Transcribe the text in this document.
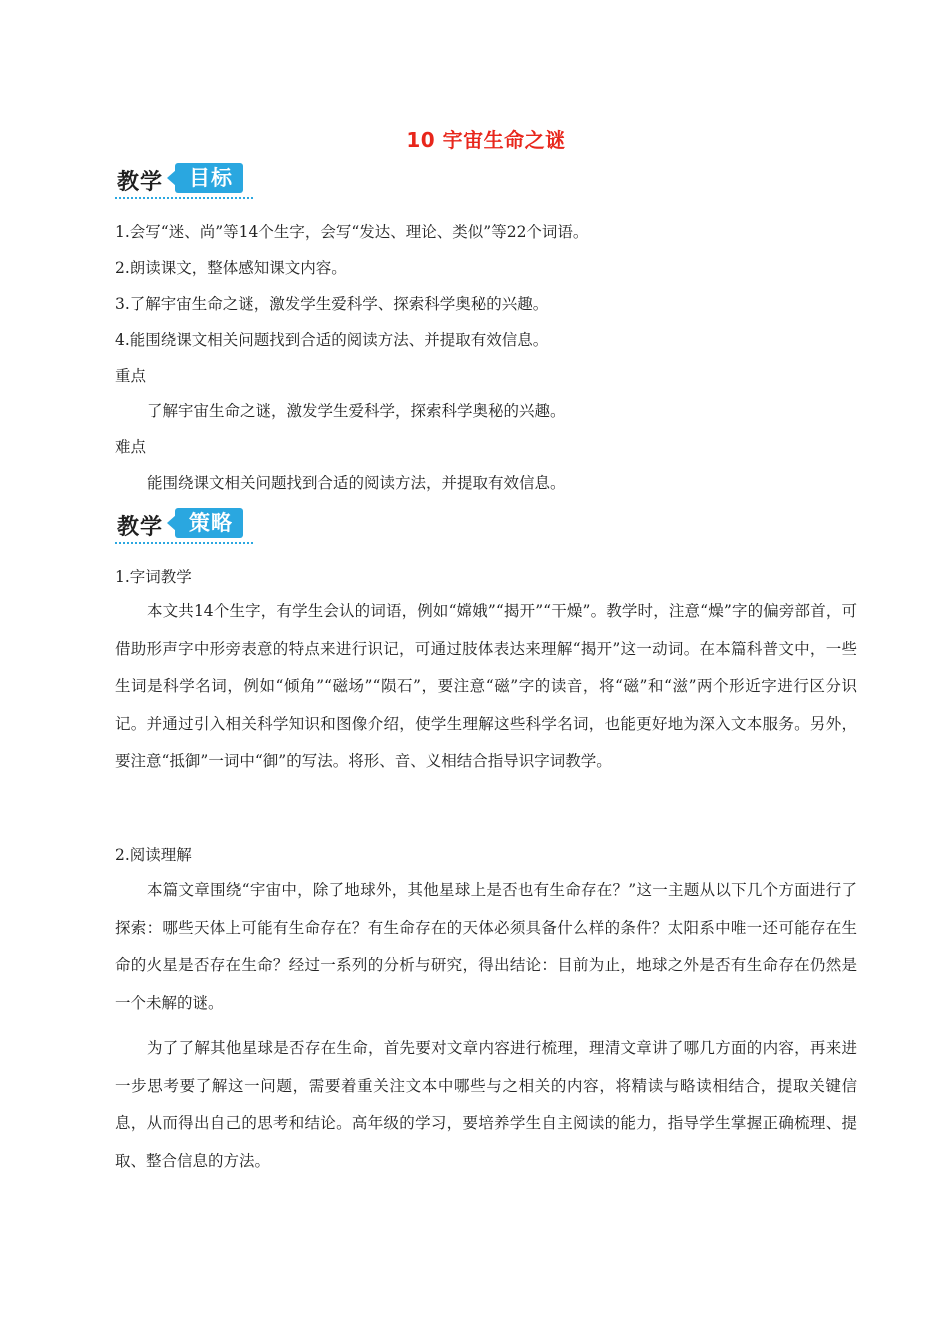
10 宇宙生命之谜
教学	目标
1.会写“迷、尚”等14个生字，会写“发达、理论、类似”等22个词语。
2.朗读课文，整体感知课文内容。
3.了解宇宙生命之谜，激发学生爱科学、探索科学奥秘的兴趣。
4.能围绕课文相关问题找到合适的阅读方法、并提取有效信息。
重点
了解宇宙生命之谜，激发学生爱科学，探索科学奥秘的兴趣。
难点
能围绕课文相关问题找到合适的阅读方法，并提取有效信息。
教学	策略
1.字词教学

本文共14个生字，有学生会认的词语，例如“嫦娥”“揭开”“干燥”。教学时，注意“燥”字的偏旁部首，可借助形声字中形旁表意的特点来进行识记，可通过肢体表达来理解“揭开”这一动词。在本篇科普文中，一些生词是科学名词，例如“倾角”“磁场”“陨石”，要注意“磁”字的读音，将“磁”和“滋”两个形近字进行区分识记。并通过引入相关科学知识和图像介绍，使学生理解这些科学名词，也能更好地为深入文本服务。另外，要注意“抵御”一词中“御”的写法。将形、音、义相结合指导识字词教学。

2.阅读理解

本篇文章围绕“宇宙中，除了地球外，其他星球上是否也有生命存在？”这一主题从以下几个方面进行了探索：哪些天体上可能有生命存在？有生命存在的天体必须具备什么样的条件？太阳系中唯一还可能存在生命的火星是否存在生命？经过一系列的分析与研究，得出结论：目前为止，地球之外是否有生命存在仍然是一个未解的谜。

为了了解其他星球是否存在生命，首先要对文章内容进行梳理，理清文章讲了哪几方面的内容，再来进一步思考要了解这一问题，需要着重关注文本中哪些与之相关的内容，将精读与略读相结合，提取关键信息，从而得出自己的思考和结论。高年级的学习，要培养学生自主阅读的能力，指导学生掌握正确梳理、提取、整合信息的方法。
